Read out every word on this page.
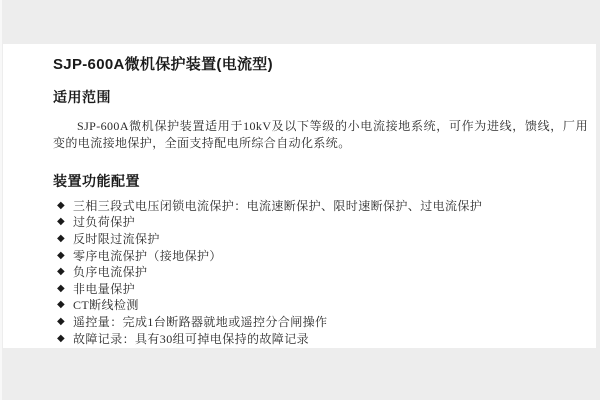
SJP-600A微机保护装置(电流型)
适用范围

SJP-600A微机保护装置适用于10kV及以下等级的小电流接地系统，可作为进线，馈线，厂用变的电流接地保护，全面支持配电所综合自动化系统。

装置功能配置
◆ 三相三段式电压闭锁电流保护：电流速断保护、限时速断保护、过电流保护
◆ 过负荷保护
◆ 反时限过流保护
◆ 零序电流保护（接地保护）
◆ 负序电流保护
◆ 非电量保护
◆ CT断线检测
◆ 遥控量：完成1台断路器就地或遥控分合闸操作
◆ 故障记录：具有30组可掉电保持的故障记录
